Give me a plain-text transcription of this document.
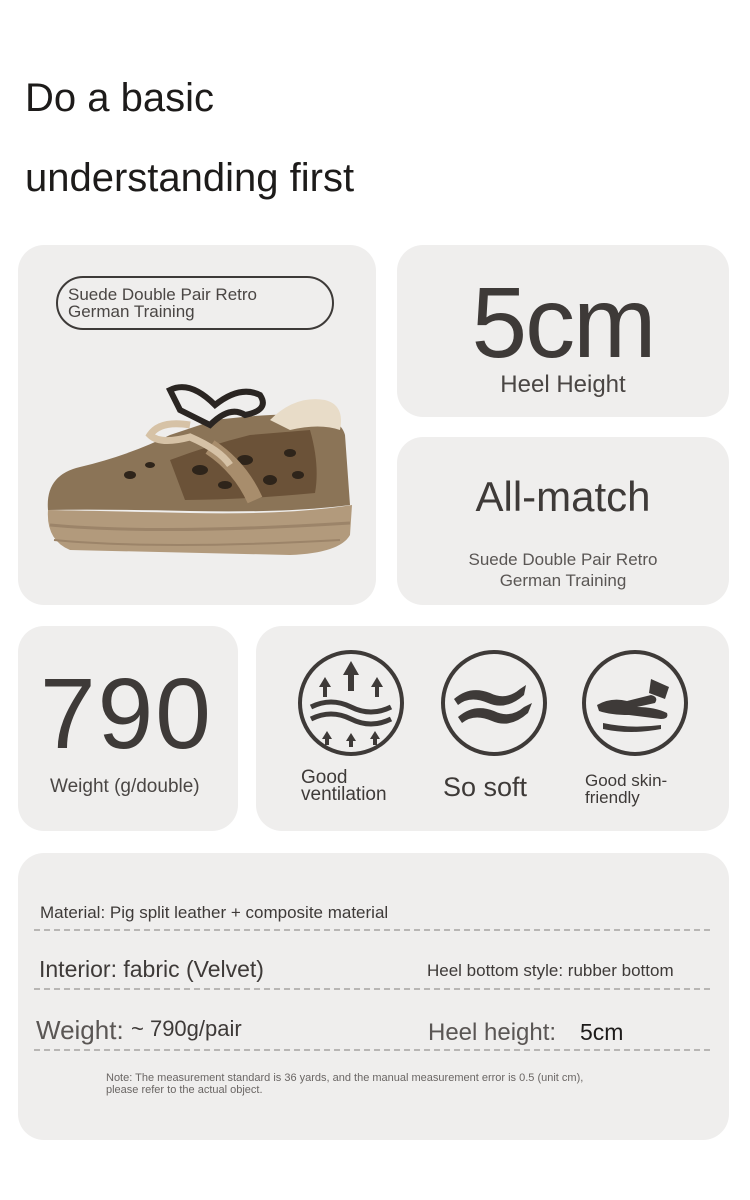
Do a basic
understanding first
Suede Double Pair Retro
German Training	5cm
Heel Height
All-match
Suede Double Pair Retro
German Training
790
Weight (g/double)	Good
ventilation So soft	Good skin-
friendly
Material: Pig split leather + composite material
Interior: fabric (Velvet)	Heel bottom style: rubber bottom
Weight: ~ 790g/pair	Heel height: 5cm
Note: The measurement standard is 36 yards, and the manual measurement error is 0.5 (unit cm), please refer to the actual object.
